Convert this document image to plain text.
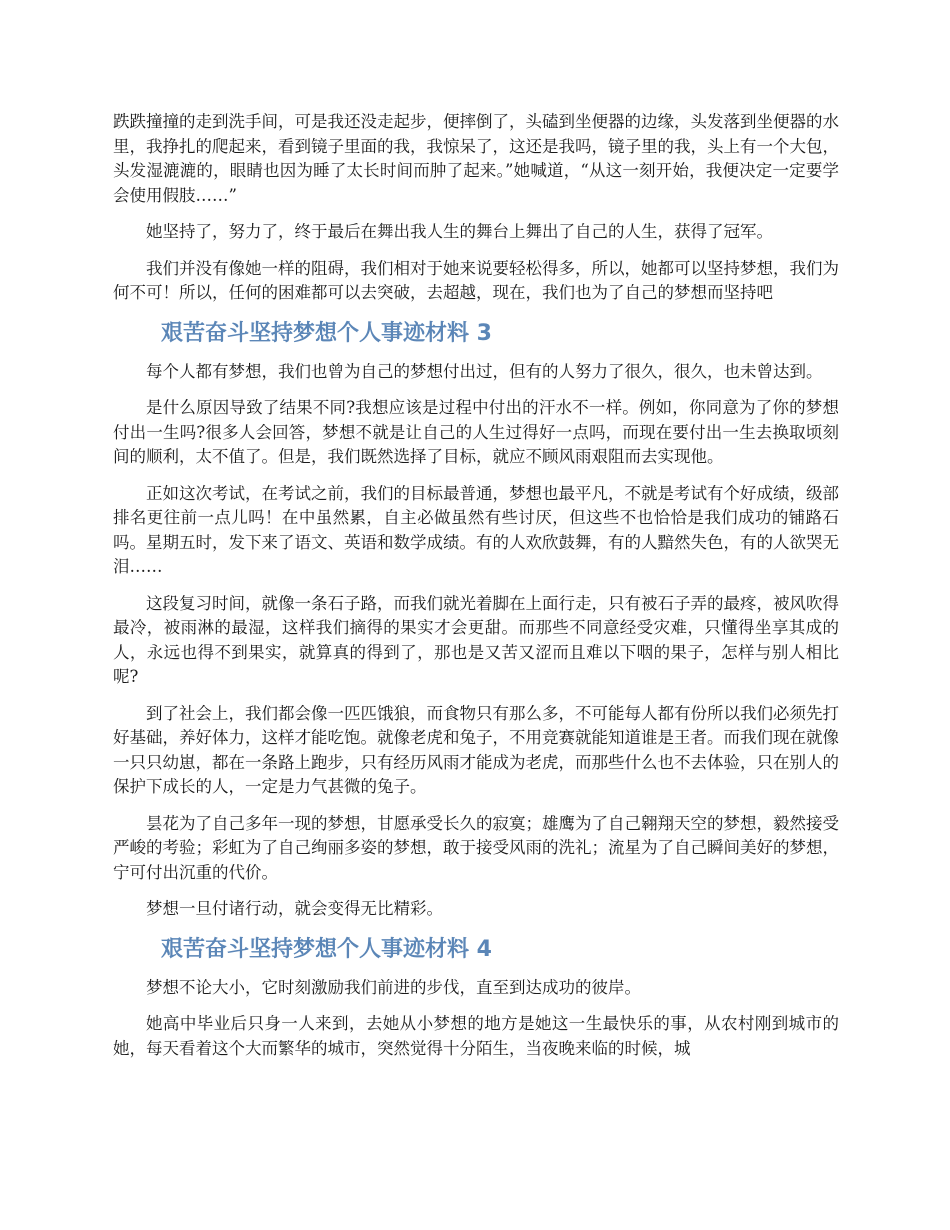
跌跌撞撞的走到洗手间，可是我还没走起步，便摔倒了，头磕到坐便器的边缘，头发落到坐便器的水里，我挣扎的爬起来，看到镜子里面的我，我惊呆了，这还是我吗，镜子里的我，头上有一个大包，头发湿漉漉的，眼睛也因为睡了太长时间而肿了起来。”她喊道，“从这一刻开始，我便决定一定要学会使用假肢……”

她坚持了，努力了，终于最后在舞出我人生的舞台上舞出了自己的人生，获得了冠军。

我们并没有像她一样的阻碍，我们相对于她来说要轻松得多，所以，她都可以坚持梦想，我们为何不可！所以，任何的困难都可以去突破，去超越，现在，我们也为了自己的梦想而坚持吧

艰苦奋斗坚持梦想个人事迹材料 3

每个人都有梦想，我们也曾为自己的梦想付出过，但有的人努力了很久，很久，也未曾达到。

是什么原因导致了结果不同?我想应该是过程中付出的汗水不一样。例如，你同意为了你的梦想付出一生吗?很多人会回答，梦想不就是让自己的人生过得好一点吗，而现在要付出一生去换取顷刻间的顺利，太不值了。但是，我们既然选择了目标，就应不顾风雨艰阻而去实现他。

正如这次考试，在考试之前，我们的目标最普通，梦想也最平凡，不就是考试有个好成绩，级部排名更往前一点儿吗！在中虽然累，自主必做虽然有些讨厌，但这些不也恰恰是我们成功的铺路石吗。星期五时，发下来了语文、英语和数学成绩。有的人欢欣鼓舞，有的人黯然失色，有的人欲哭无泪……

这段复习时间，就像一条石子路，而我们就光着脚在上面行走，只有被石子弄的最疼，被风吹得最冷，被雨淋的最湿，这样我们摘得的果实才会更甜。而那些不同意经受灾难，只懂得坐享其成的人，永远也得不到果实，就算真的得到了，那也是又苦又涩而且难以下咽的果子，怎样与别人相比呢?

到了社会上，我们都会像一匹匹饿狼，而食物只有那么多，不可能每人都有份所以我们必须先打好基础，养好体力，这样才能吃饱。就像老虎和兔子，不用竞赛就能知道谁是王者。而我们现在就像一只只幼崽，都在一条路上跑步，只有经历风雨才能成为老虎，而那些什么也不去体验，只在别人的保护下成长的人，一定是力气甚微的兔子。

昙花为了自己多年一现的梦想，甘愿承受长久的寂寞；雄鹰为了自己翱翔天空的梦想，毅然接受严峻的考验；彩虹为了自己绚丽多姿的梦想，敢于接受风雨的洗礼；流星为了自己瞬间美好的梦想，宁可付出沉重的代价。

梦想一旦付诸行动，就会变得无比精彩。

艰苦奋斗坚持梦想个人事迹材料 4

梦想不论大小，它时刻激励我们前进的步伐，直至到达成功的彼岸。

她高中毕业后只身一人来到，去她从小梦想的地方是她这一生最快乐的事，从农村刚到城市的她，每天看着这个大而繁华的城市，突然觉得十分陌生，当夜晚来临的时候，城
